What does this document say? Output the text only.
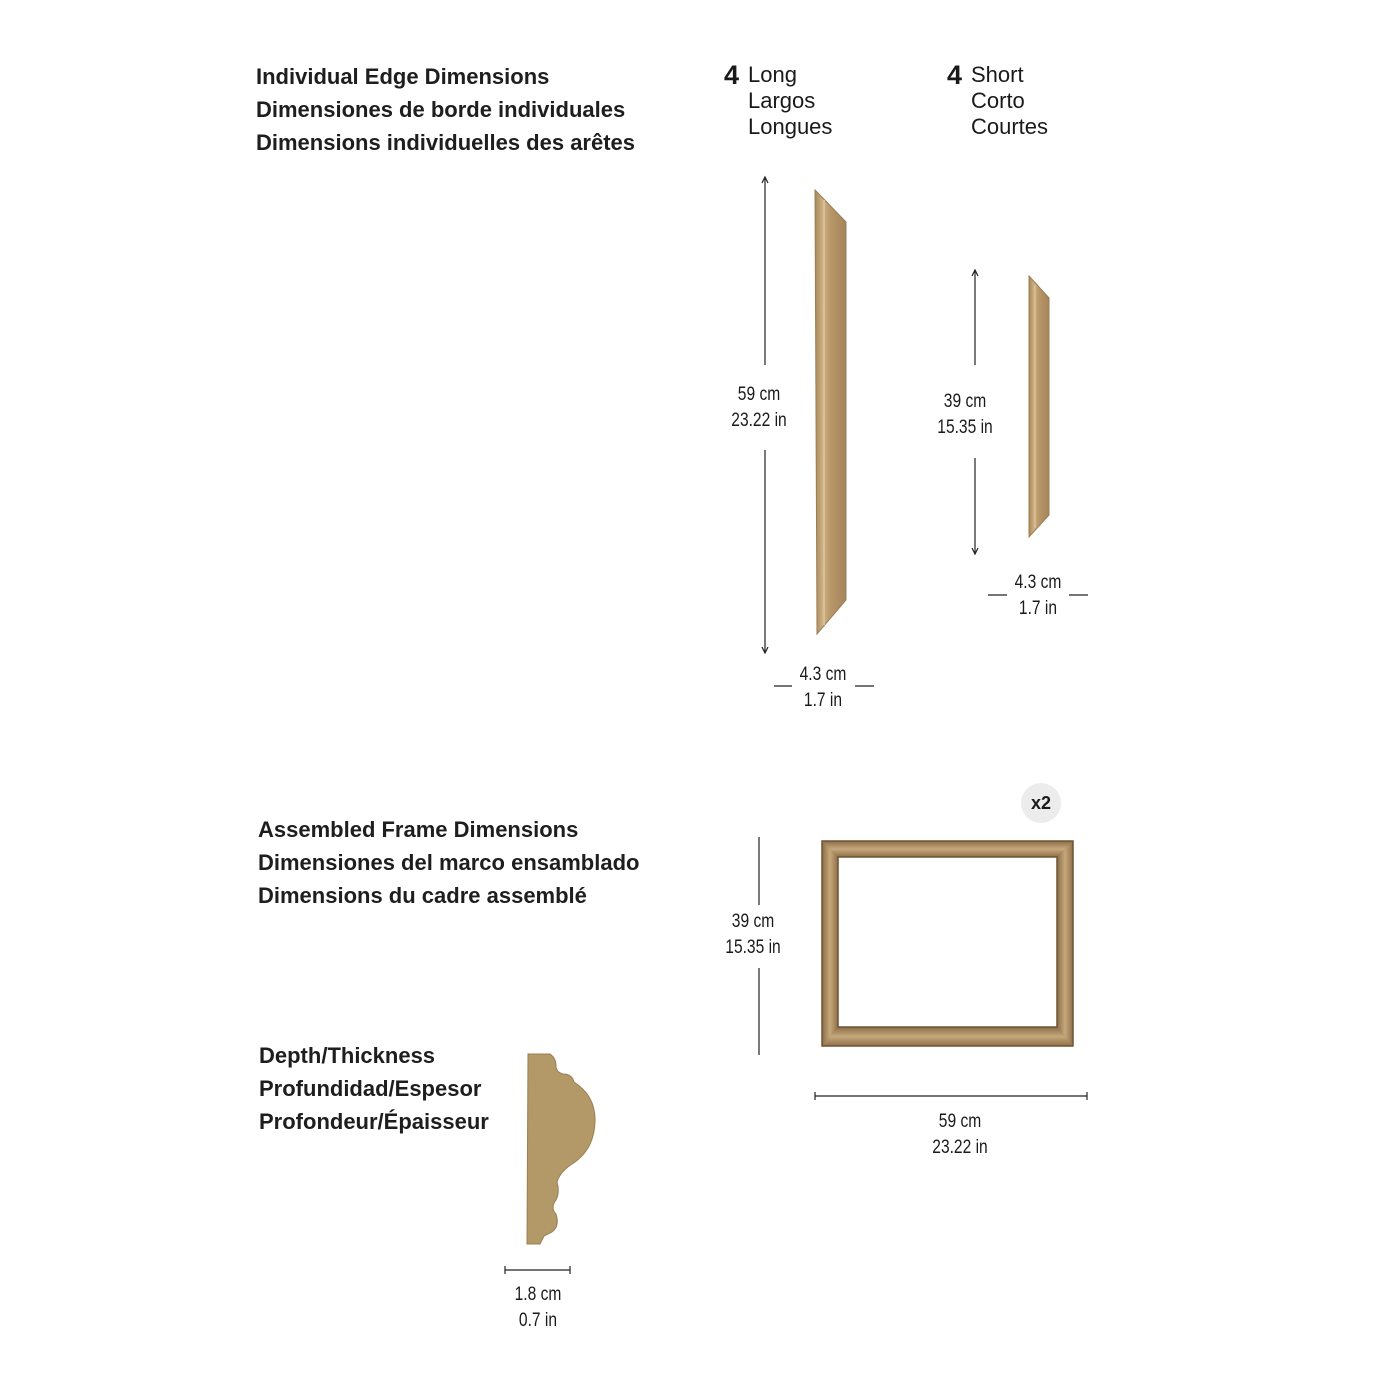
Individual Edge Dimensions
Dimensiones de borde individuales
Dimensions individuelles des arêtes
Assembled Frame Dimensions
Dimensiones del marco ensamblado
Dimensions du cadre assemblé
Depth/Thickness
Profundidad/Espesor
Profondeur/Épaisseur
4 Long
Largos
Longues
4 Short
Corto
Courtes
59 cm
23.22 in
4.3 cm
1.7 in
39 cm
15.35 in
4.3 cm
1.7 in
39 cm
15.35 in
59 cm
23.22 in
1.8 cm
0.7 in
x2
